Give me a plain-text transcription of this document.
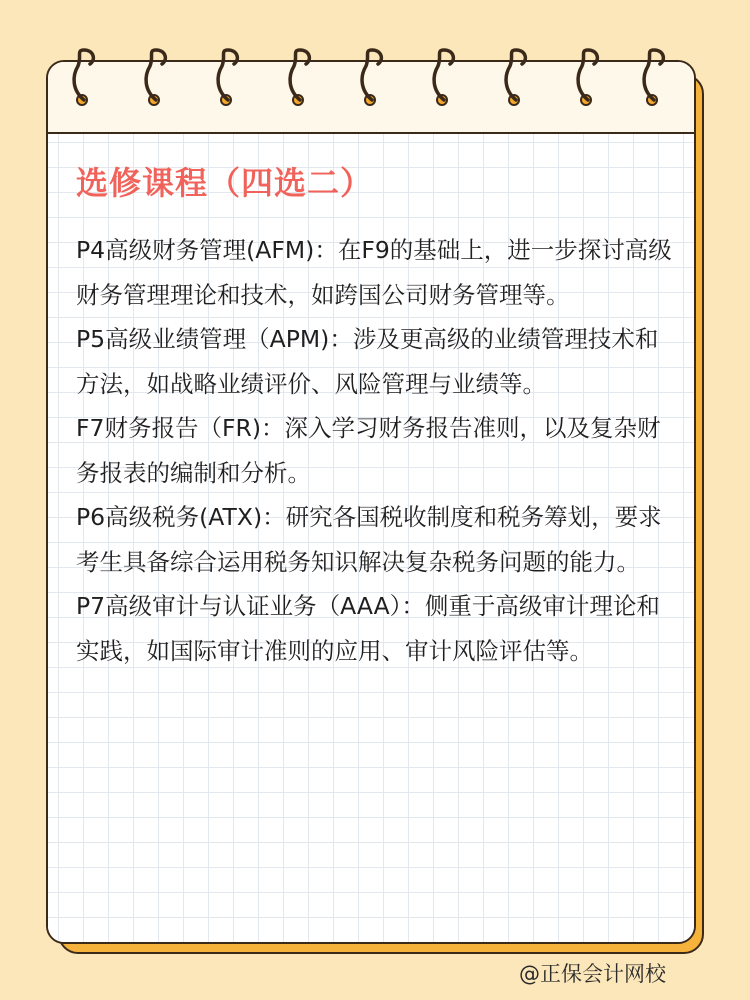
选修课程（四选二）

P4高级财务管理(AFM)：在F9的基础上，进一步探讨高级财务管理理论和技术，如跨国公司财务管理等。

P5高级业绩管理（APM)：涉及更高级的业绩管理技术和方法，如战略业绩评价、风险管理与业绩等。

F7财务报告（FR)：深入学习财务报告准则，以及复杂财务报表的编制和分析。

P6高级税务(ATX)：研究各国税收制度和税务筹划，要求考生具备综合运用税务知识解决复杂税务问题的能力。

P7高级审计与认证业务（AAA）：侧重于高级审计理论和实践，如国际审计准则的应用、审计风险评估等。

@正保会计网校
